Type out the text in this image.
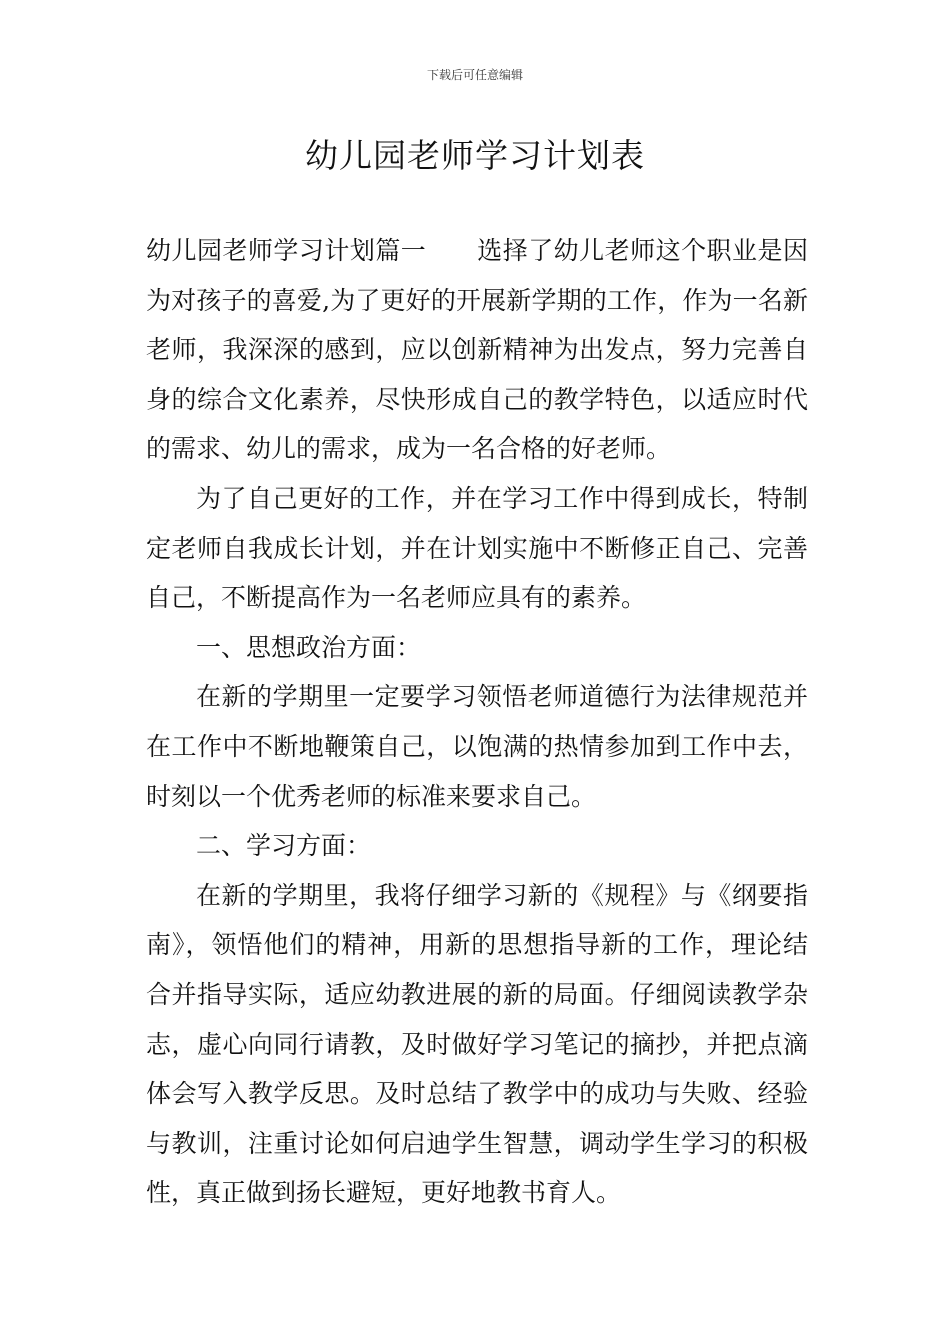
下载后可任意编辑
幼儿园老师学习计划表

幼儿园老师学习计划篇一　　选择了幼儿老师这个职业是因为对孩子的喜爱,为了更好的开展新学期的工作，作为一名新老师，我深深的感到，应以创新精神为出发点，努力完善自身的综合文化素养，尽快形成自己的教学特色，以适应时代的需求、幼儿的需求，成为一名合格的好老师。

为了自己更好的工作，并在学习工作中得到成长，特制定老师自我成长计划，并在计划实施中不断修正自己、完善自己，不断提高作为一名老师应具有的素养。

一、思想政治方面：

在新的学期里一定要学习领悟老师道德行为法律规范并在工作中不断地鞭策自己，以饱满的热情参加到工作中去，时刻以一个优秀老师的标准来要求自己。

二、学习方面：

在新的学期里，我将仔细学习新的《规程》与《纲要指南》，领悟他们的精神，用新的思想指导新的工作，理论结合并指导实际，适应幼教进展的新的局面。仔细阅读教学杂志，虚心向同行请教，及时做好学习笔记的摘抄，并把点滴体会写入教学反思。及时总结了教学中的成功与失败、经验与教训，注重讨论如何启迪学生智慧，调动学生学习的积极性，真正做到扬长避短，更好地教书育人。
